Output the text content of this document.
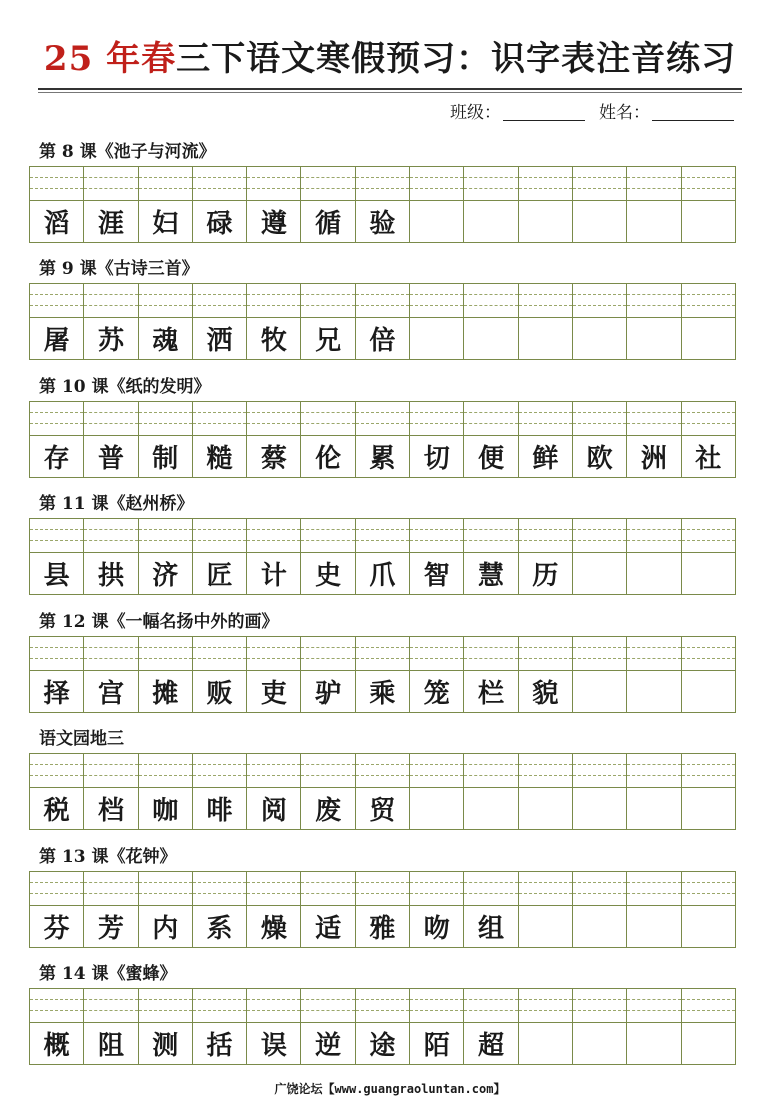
25 年春三下语文寒假预习：识字表注音练习
班级：	姓名：
第 8 课《池子与河流》
滔	涯	妇	碌	遵	循	验
第 9 课《古诗三首》
屠	苏	魂	洒	牧	兄	倍
第 10 课《纸的发明》
存	普	制	糙	蔡	伦	累	切	便	鲜	欧	洲	社
第 11 课《赵州桥》
县	拱	济	匠	计	史	爪	智	慧	历
第 12 课《一幅名扬中外的画》
择	宫	摊	贩	吏	驴	乘	笼	栏	貌
语文园地三
税	档	咖	啡	阅	废	贸
第 13 课《花钟》
芬	芳	内	系	燥	适	雅	吻	组
第 14 课《蜜蜂》
概	阻	测	括	误	逆	途	陌	超
广饶论坛【www.guangraoluntan.com】
